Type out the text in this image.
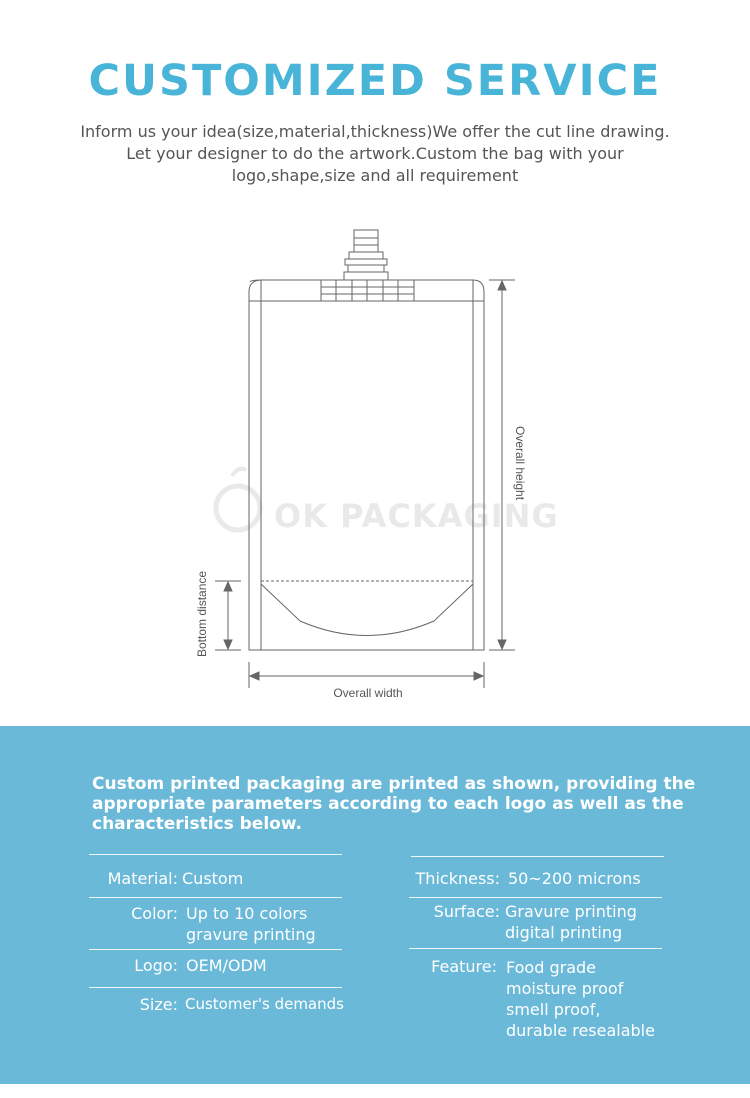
CUSTOMIZED SERVICE
Inform us your idea(size,material,thickness)We offer the cut line drawing.
Let your designer to do the artwork.Custom the bag with your
logo,shape,size and all requirement
OK PACKAGING
Overall height
Bottom distance
Overall width
Custom printed packaging are printed as shown, providing the
appropriate parameters according to each logo as well as the
characteristics below.
Material: Custom
Color: Up to 10 colors
gravure printing
Logo: OEM/ODM
Size: Customer's demands
Thickness: 50~200 microns
Surface: Gravure printing
digital printing
Feature: Food grade
moisture proof
smell proof,
durable resealable
